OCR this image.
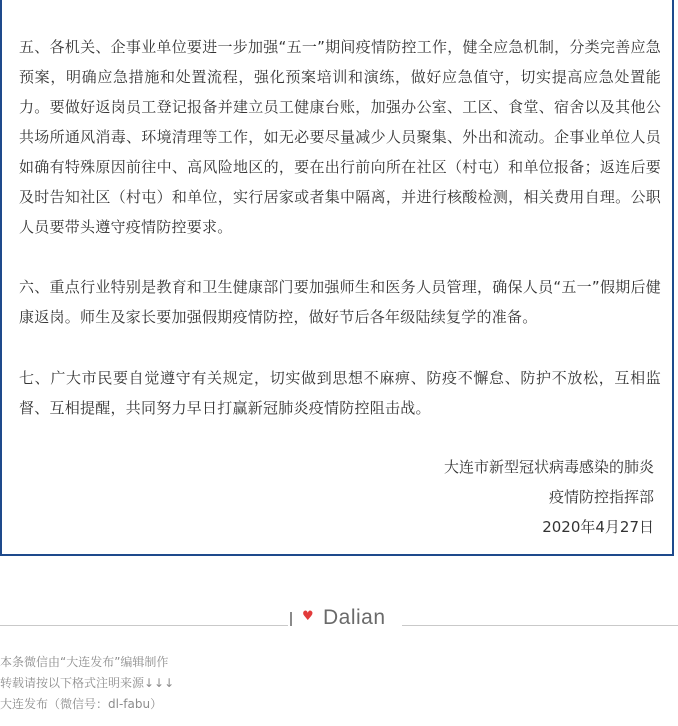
五、各机关、企事业单位要进一步加强“五一”期间疫情防控工作，健全应急机制，分类完善应急预案，明确应急措施和处置流程，强化预案培训和演练，做好应急值守，切实提高应急处置能力。要做好返岗员工登记报备并建立员工健康台账，加强办公室、工区、食堂、宿舍以及其他公共场所通风消毒、环境清理等工作，如无必要尽量减少人员聚集、外出和流动。企事业单位人员如确有特殊原因前往中、高风险地区的，要在出行前向所在社区（村屯）和单位报备；返连后要及时告知社区（村屯）和单位，实行居家或者集中隔离，并进行核酸检测，相关费用自理。公职人员要带头遵守疫情防控要求。

六、重点行业特别是教育和卫生健康部门要加强师生和医务人员管理，确保人员“五一”假期后健康返岗。师生及家长要加强假期疫情防控，做好节后各年级陆续复学的准备。

七、广大市民要自觉遵守有关规定，切实做到思想不麻痹、防疫不懈怠、防护不放松，互相监督、互相提醒，共同努力早日打赢新冠肺炎疫情防控阻击战。

大连市新型冠状病毒感染的肺炎
疫情防控指挥部
2020年4月27日
♥ Dalian
本条微信由“大连发布”编辑制作
转载请按以下格式注明来源↓↓↓
大连发布（微信号：dl-fabu）
